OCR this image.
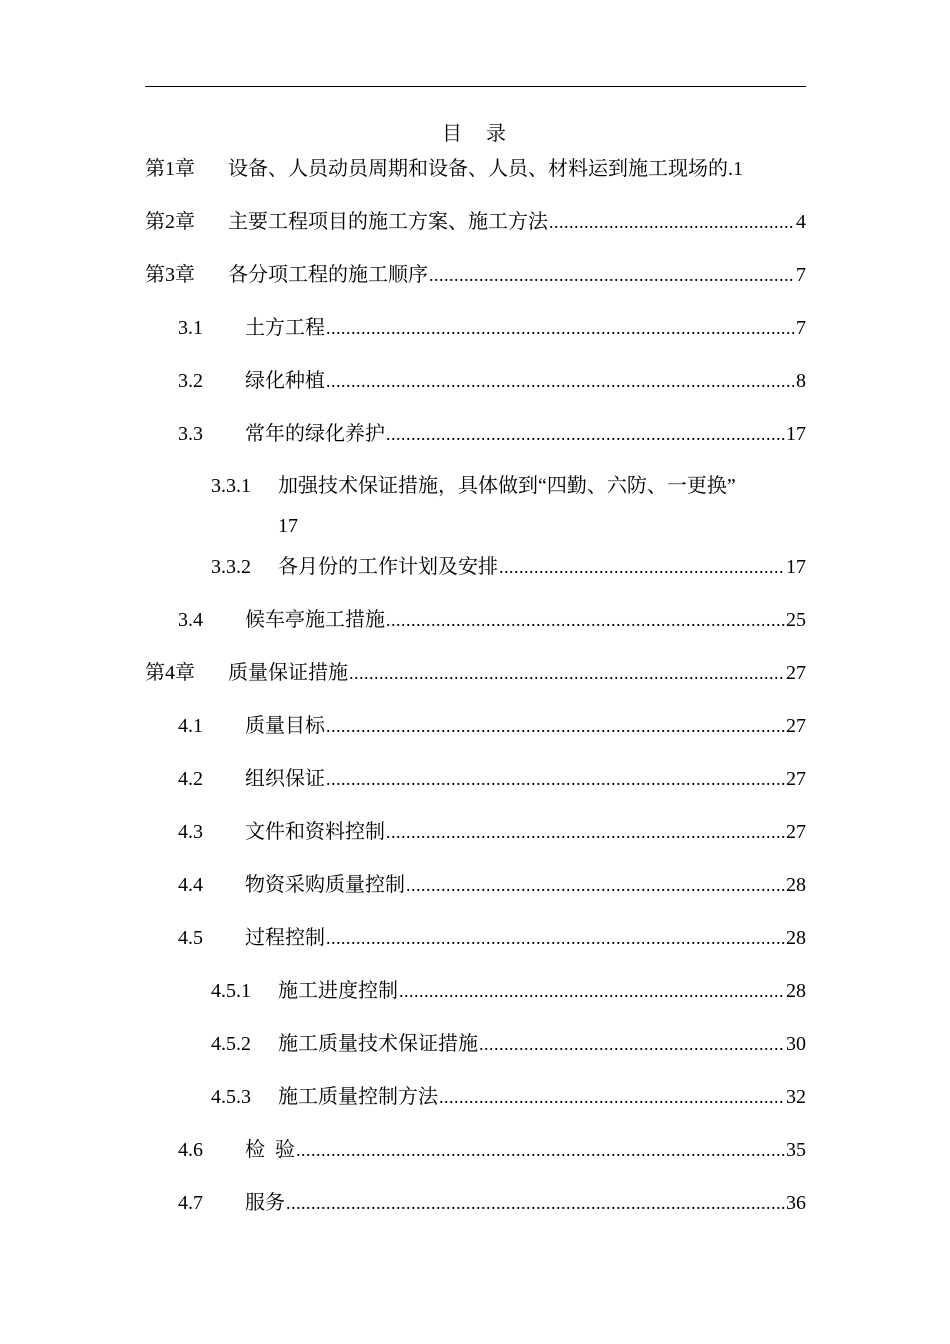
目　录
第1章	设备、人员动员周期和设备、人员、材料运到施工现场的 . 1
第2章	主要工程项目的施工方案、施工方法 .....	4
第3章	各分项工程的施工顺序 .....	7
3.1	土方工程 .....	7
3.2	绿化种植 .....	8
3.3	常年的绿化养护 .....	17
3.3.1 加强技术保证措施，具体做到“四勤、六防、一更换”
17
3.3.2	各月份的工作计划及安排 .....	17
3.4	候车亭施工措施 .....	25
第4章	质量保证措施 .....	27
4.1	质量目标 .....	27
4.2	组织保证 .....	27
4.3	文件和资料控制 .....	27
4.4	物资采购质量控制 .....	28
4.5	过程控制 .....	28
4.5.1	施工进度控制 .....	28
4.5.2	施工质量技术保证措施 .....	30
4.5.3	施工质量控制方法 .....	32
4.6	检  验 .....	35
4.7	服务 .....	36
